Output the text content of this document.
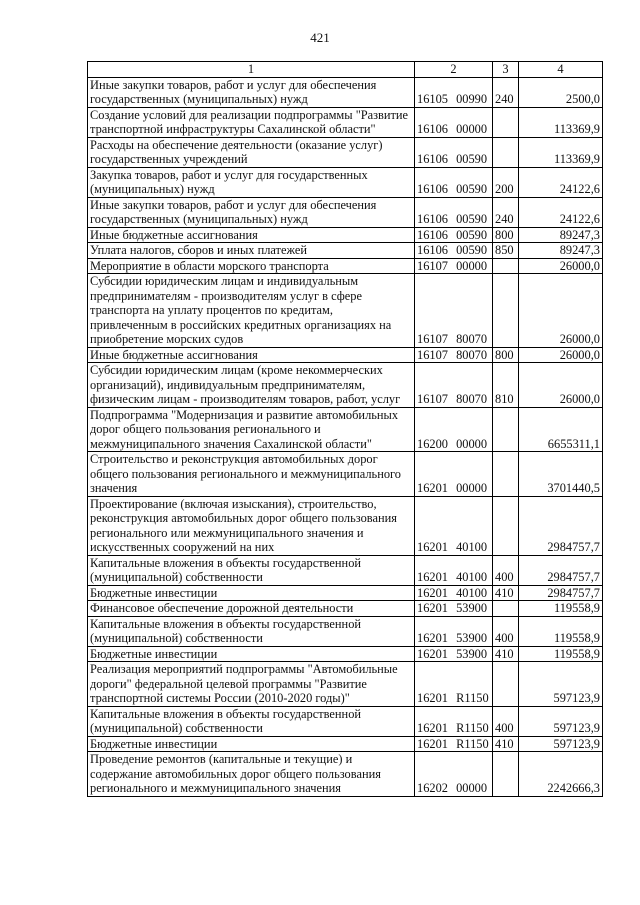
421
1	2	3	4
Иные закупки товаров, работ и услуг для обеспечения государственных (муниципальных) нужд	16105 00990	240	2500,0
Создание условий для реализации подпрограммы "Развитие транспортной инфраструктуры Сахалинской области"	16106 00000		113369,9
Расходы на обеспечение деятельности (оказание услуг) государственных учреждений	16106 00590		113369,9
Закупка товаров, работ и услуг для государственных (муниципальных) нужд	16106 00590	200	24122,6
Иные закупки товаров, работ и услуг для обеспечения государственных (муниципальных) нужд	16106 00590	240	24122,6
Иные бюджетные ассигнования	16106 00590	800	89247,3
Уплата налогов, сборов и иных платежей	16106 00590	850	89247,3
Мероприятие в области морского транспорта	16107 00000		26000,0
Субсидии юридическим лицам и индивидуальным предпринимателям - производителям услуг в сфере транспорта на уплату процентов по кредитам, привлеченным в российских кредитных организациях на приобретение морских судов	16107 80070		26000,0
Иные бюджетные ассигнования	16107 80070	800	26000,0
Субсидии юридическим лицам (кроме некоммерческих организаций), индивидуальным предпринимателям, физическим лицам - производителям товаров, работ, услуг	16107 80070	810	26000,0
Подпрограмма "Модернизация и развитие автомобильных дорог общего пользования регионального и межмуниципального значения Сахалинской области"	16200 00000		6655311,1
Строительство и реконструкция автомобильных дорог общего пользования регионального и межмуниципального значения	16201 00000		3701440,5
Проектирование (включая изыскания), строительство, реконструкция автомобильных дорог общего пользования регионального или межмуниципального значения и искусственных сооружений на них	16201 40100		2984757,7
Капитальные вложения в объекты государственной (муниципальной) собственности	16201 40100	400	2984757,7
Бюджетные инвестиции	16201 40100	410	2984757,7
Финансовое обеспечение дорожной деятельности	16201 53900		119558,9
Капитальные вложения в объекты государственной (муниципальной) собственности	16201 53900	400	119558,9
Бюджетные инвестиции	16201 53900	410	119558,9
Реализация мероприятий подпрограммы "Автомобильные дороги" федеральной целевой программы "Развитие транспортной системы России (2010-2020 годы)"	16201 R1150		597123,9
Капитальные вложения в объекты государственной (муниципальной) собственности	16201 R1150	400	597123,9
Бюджетные инвестиции	16201 R1150	410	597123,9
Проведение ремонтов (капитальные и текущие) и содержание автомобильных дорог общего пользования регионального и межмуниципального значения	16202 00000		2242666,3
